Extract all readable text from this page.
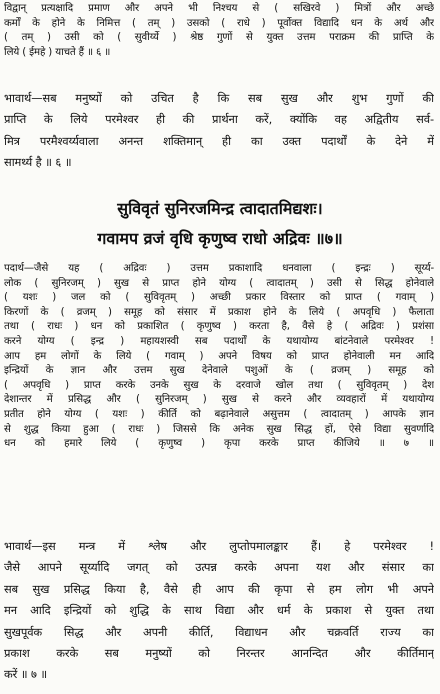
विद्वान् प्रत्यक्षादि प्रमाण और अपने भी निश्चय से ( सखिरवे ) मित्रों और अच्छे
कर्मों के होने के निमित्त ( तम् ) उसको ( राधे ) पूर्वोक्त विद्यादि धन के अर्थ और
( तम् ) उसी को ( सुवीर्य्ये ) श्रेष्ठ गुणों से युक्त उत्तम पराक्रम की प्राप्ति के
लिये ( ईमहे ) याचते हैं ॥ ६ ॥
भावार्थ—सब मनुष्यों को उचित है कि सब सुख और शुभ गुणों की
प्राप्ति के लिये परमेश्वर ही की प्रार्थना करें, क्योंकि वह अद्वितीय सर्व-
मित्र परमैश्वर्य्यवाला अनन्त शक्तिमान् ही का उक्त पदार्थों के देने में
सामर्थ्य है ॥ ६ ॥
सुविवृतं सुनिरजमिन्द्र त्वादातमिद्यशः।
गवामप व्रजं वृधि कृणुष्व राधो अद्रिवः ॥७॥
पदार्थ—जैसे यह ( अद्रिवः ) उत्तम प्रकाशादि धनवाला ( इन्द्रः ) सूर्य्य-
लोक ( सुनिरजम् ) सुख से प्राप्त होने योग्य ( त्वादातम् ) उसी से सिद्ध होनेवाले
( यशः ) जल को ( सुविवृतम् ) अच्छी प्रकार विस्तार को प्राप्त ( गवाम् )
किरणों के ( व्रजम् ) समूह को संसार में प्रकाश होने के लिये ( अपवृधि ) फैलाता
तथा ( राधः ) धन को प्रकाशित ( कृणुष्व ) करता है, वैसे हे ( अद्रिवः ) प्रशंसा
करने योग्य ( इन्द्र ) महायशस्वी सब पदार्थों के यथायोग्य बांटनेवाले परमेश्वर !
आप हम लोगों के लिये ( गवाम् ) अपने विषय को प्राप्त होनेवाली मन आदि
इन्द्रियों के ज्ञान और उत्तम सुख देनेवाले पशुओं के ( व्रजम् ) समूह को
( अपवृधि ) प्राप्त करके उनके सुख के दरवाजे खोल तथा ( सुविवृतम् ) देश
देशान्तर में प्रसिद्ध और ( सुनिरजम् ) सुख से करने और व्यवहारों में यथायोग्य
प्रतीत होने योग्य ( यशः ) कीर्ति को बढ़ानेवाले असुत्तम ( त्वादातम् ) आपके ज्ञान
से शुद्ध किया हुआ ( राधः ) जिससे कि अनेक सुख सिद्ध हों, ऐसे विद्या सुवर्णादि
धन को हमारे लिये ( कृणुष्व ) कृपा करके प्राप्त कीजिये ॥ ७ ॥
भावार्थ—इस मन्त्र में श्लेष और लुप्तोपमालङ्कार हैं। हे परमेश्वर !
जैसे आपने सूर्य्यादि जगत् को उत्पन्न करके अपना यश और संसार का
सब सुख प्रसिद्ध किया है, वैसे ही आप की कृपा से हम लोग भी अपने
मन आदि इन्द्रियों को शुद्धि के साथ विद्या और धर्म के प्रकाश से युक्त तथा
सुखपूर्वक सिद्ध और अपनी कीर्ति, विद्याधन और चक्रवर्ति राज्य का
प्रकाश करके सब मनुष्यों को निरन्तर आनन्दित और कीर्तिमान्
करें ॥ ७ ॥
